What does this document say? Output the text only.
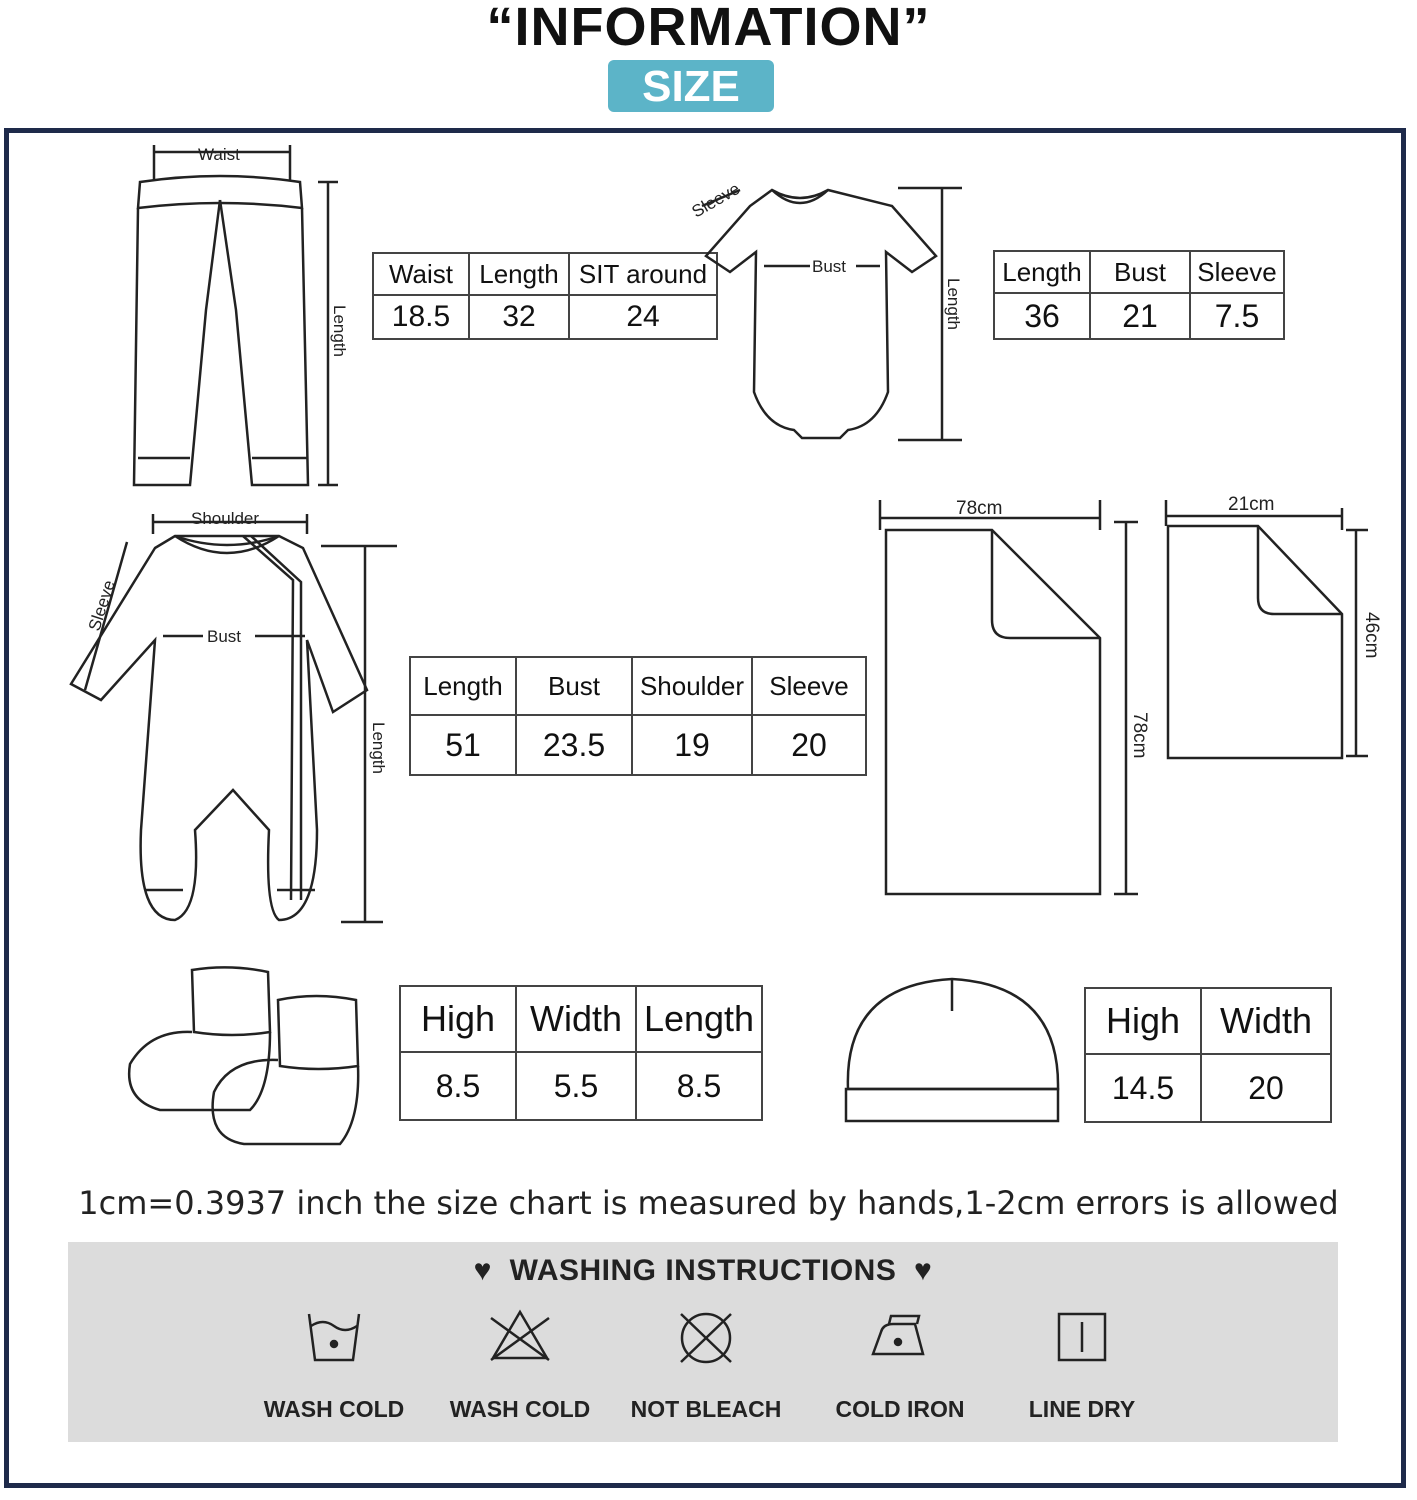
“INFORMATION”
SIZE
Waist
Length
Waist	Length	SIT around
18.5	32	24
Sleeve
Bust
Length
Length	Bust	Sleeve
36	21	7.5
Shoulder
Sleeve
Bust
Length
Length	Bust	Shoulder	Sleeve
51	23.5	19	20
78cm
78cm
21cm
46cm
High	Width	Length
8.5	5.5	8.5
High	Width
14.5	20
1cm=0.3937 inch the size chart is measured by hands,1-2cm errors is allowed
♥ WASHING INSTRUCTIONS ♥
WASH COLD	WASH COLD	NOT BLEACH	COLD IRON	LINE DRY
